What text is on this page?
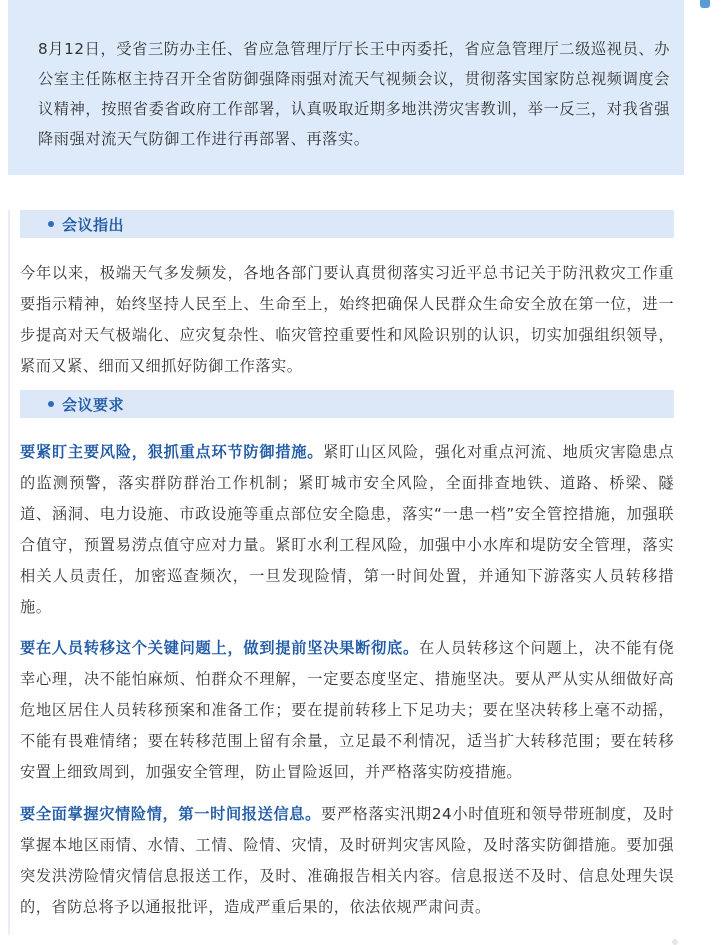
8月12日，受省三防办主任、省应急管理厅厅长王中丙委托，省应急管理厅二级巡视员、办公室主任陈枢主持召开全省防御强降雨强对流天气视频会议，贯彻落实国家防总视频调度会议精神，按照省委省政府工作部署，认真吸取近期多地洪涝灾害教训，举一反三，对我省强降雨强对流天气防御工作进行再部署、再落实。

会议指出

今年以来，极端天气多发频发，各地各部门要认真贯彻落实习近平总书记关于防汛救灾工作重要指示精神，始终坚持人民至上、生命至上，始终把确保人民群众生命安全放在第一位，进一步提高对天气极端化、应灾复杂性、临灾管控重要性和风险识别的认识，切实加强组织领导，紧而又紧、细而又细抓好防御工作落实。

会议要求

要紧盯主要风险，狠抓重点环节防御措施。紧盯山区风险，强化对重点河流、地质灾害隐患点的监测预警，落实群防群治工作机制；紧盯城市安全风险，全面排查地铁、道路、桥梁、隧道、涵洞、电力设施、市政设施等重点部位安全隐患，落实“一患一档”安全管控措施，加强联合值守，预置易涝点值守应对力量。紧盯水利工程风险，加强中小水库和堤防安全管理，落实相关人员责任，加密巡查频次，一旦发现险情，第一时间处置，并通知下游落实人员转移措施。

要在人员转移这个关键问题上，做到提前坚决果断彻底。在人员转移这个问题上，决不能有侥幸心理，决不能怕麻烦、怕群众不理解，一定要态度坚定、措施坚决。要从严从实从细做好高危地区居住人员转移预案和准备工作；要在提前转移上下足功夫；要在坚决转移上毫不动摇，不能有畏难情绪；要在转移范围上留有余量，立足最不利情况，适当扩大转移范围；要在转移安置上细致周到，加强安全管理，防止冒险返回，并严格落实防疫措施。

要全面掌握灾情险情，第一时间报送信息。要严格落实汛期24小时值班和领导带班制度，及时掌握本地区雨情、水情、工情、险情、灾情，及时研判灾害风险，及时落实防御措施。要加强突发洪涝险情灾情信息报送工作，及时、准确报告相关内容。信息报送不及时、信息处理失误的，省防总将予以通报批评，造成严重后果的，依法依规严肃问责。
